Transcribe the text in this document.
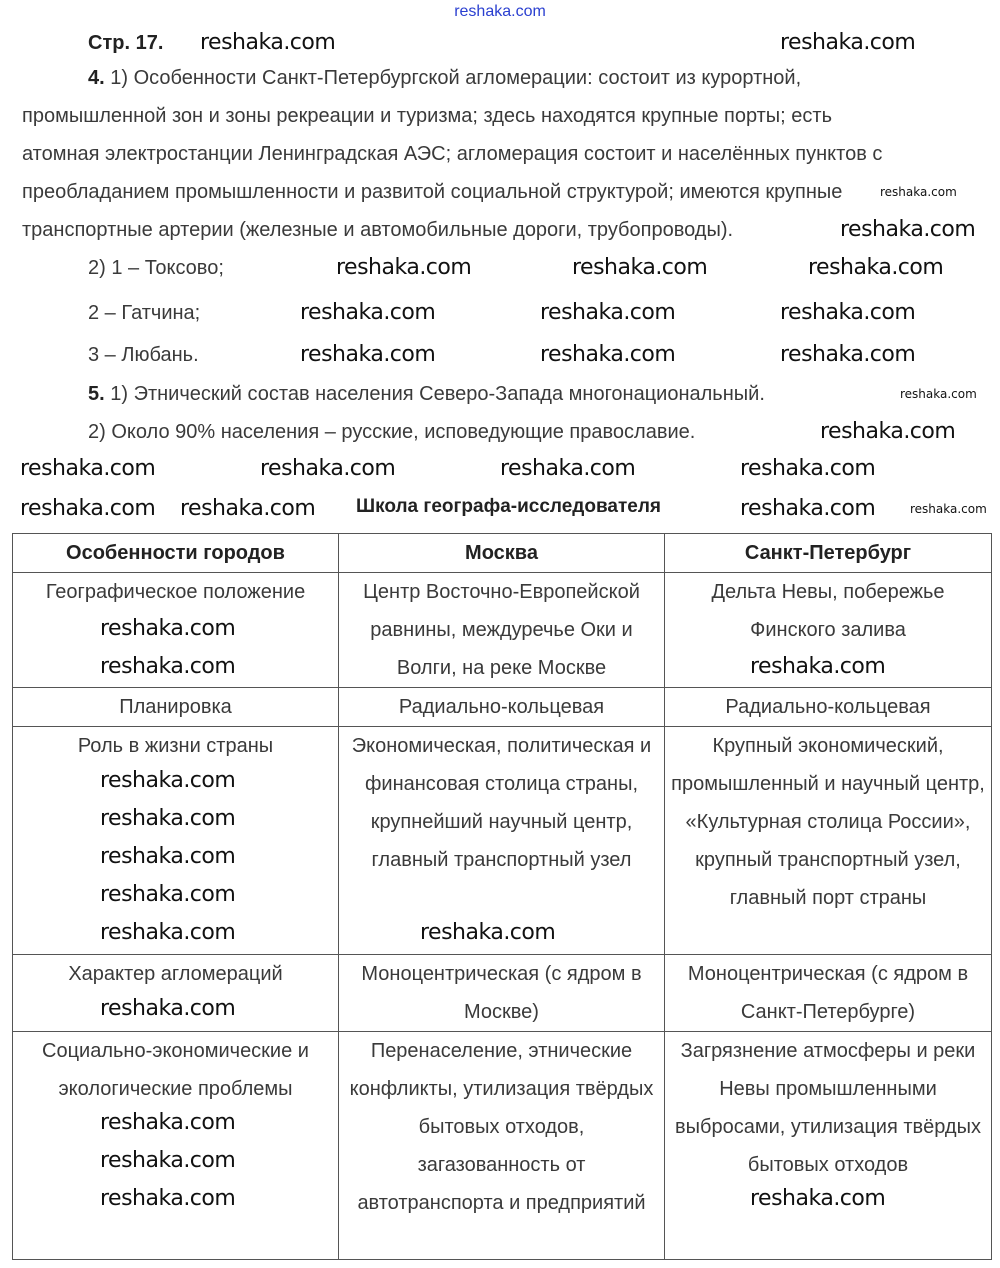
reshaka.com
Стр. 17.
4. 1) Особенности Санкт-Петербургской агломерации: состоит из курортной,
промышленной зон и зоны рекреации и туризма; здесь находятся крупные порты; есть
атомная электростанции Ленинградская АЭС; агломерация состоит и населённых пунктов с
преобладанием промышленности и развитой социальной структурой; имеются крупные
транспортные артерии (железные и автомобильные дороги, трубопроводы).
2) 1 – Токсово;
2 – Гатчина;
3 – Любань.
5. 1) Этнический состав населения Северо-Запада многонациональный.
2) Около 90% населения – русские, исповедующие православие.
Школа географа-исследователя
Особенности городов	Москва	Санкт-Петербург
Географическое положение	Центр Восточно-Европейской равнины, междуречье Оки и Волги, на реке Москве	Дельта Невы, побережье Финского залива
Планировка	Радиально-кольцевая	Радиально-кольцевая
Роль в жизни страны	Экономическая, политическая и финансовая столица страны, крупнейший научный центр, главный транспортный узел	Крупный экономический, промышленный и научный центр, «Культурная столица России», крупный транспортный узел, главный порт страны
Характер агломераций	Моноцентрическая (с ядром в Москве)	Моноцентрическая (с ядром в Санкт-Петербурге)
Социально-экономические и экологические проблемы	Перенаселение, этнические конфликты, утилизация твёрдых бытовых отходов, загазованность от автотранспорта и предприятий	Загрязнение атмосферы и реки Невы промышленными выбросами, утилизация твёрдых бытовых отходов
reshaka.com	reshaka.com
reshaka.com
reshaka.com
reshaka.com	reshaka.com	reshaka.com
reshaka.com	reshaka.com	reshaka.com
reshaka.com	reshaka.com	reshaka.com
reshaka.com
reshaka.com
reshaka.com	reshaka.com	reshaka.com	reshaka.com
reshaka.com reshaka.com	reshaka.com	reshaka.com
reshaka.com
reshaka.com	reshaka.com
reshaka.com
reshaka.com
reshaka.com
reshaka.com
reshaka.com	reshaka.com
reshaka.com
reshaka.com
reshaka.com
reshaka.com	reshaka.com
